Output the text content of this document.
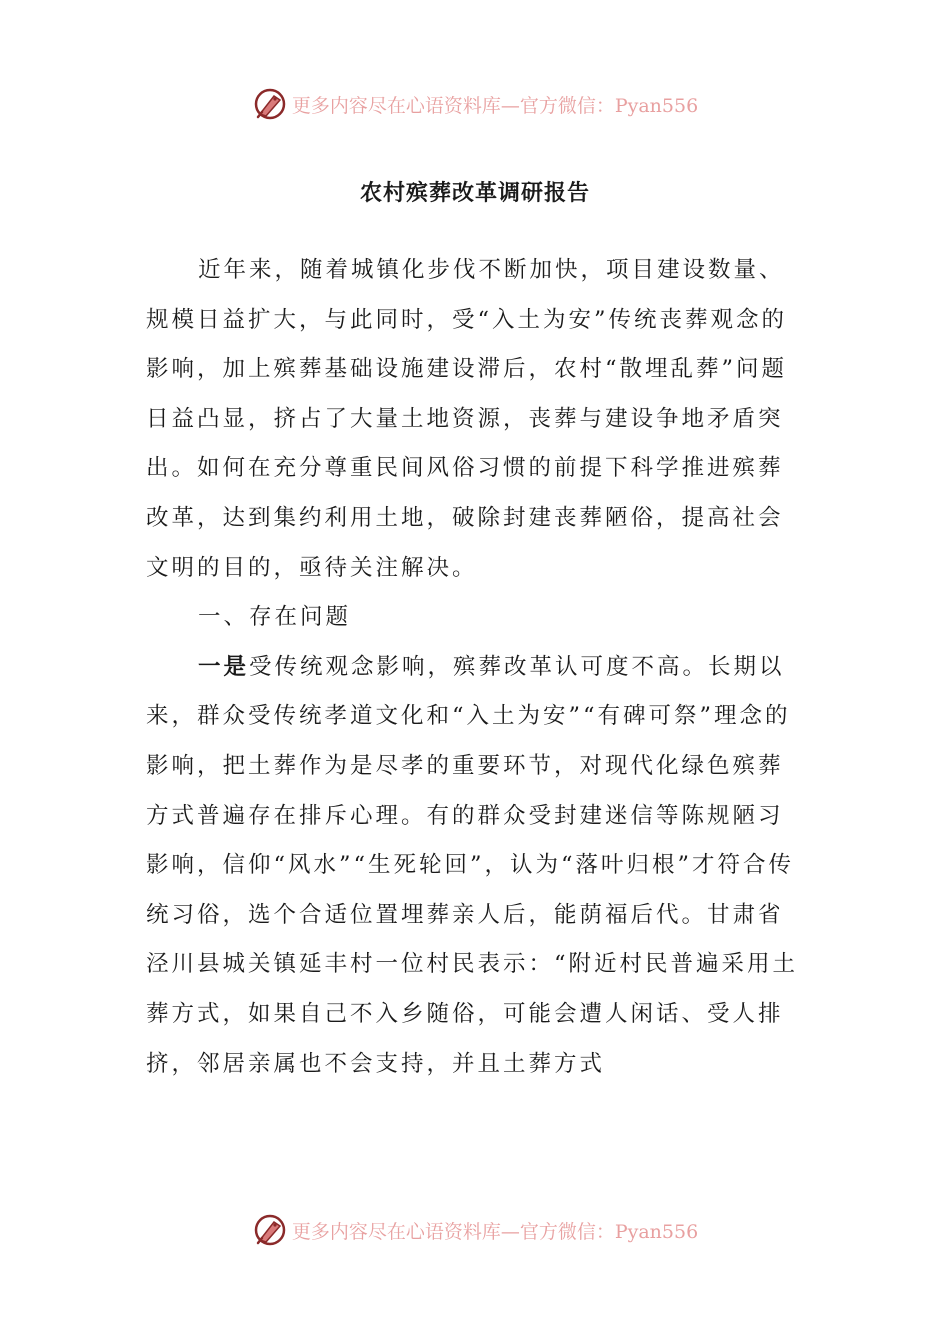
更多内容尽在心语资料库—官方微信：Pyan556
农村殡葬改革调研报告

近年来，随着城镇化步伐不断加快，项目建设数量、规模日益扩大，与此同时，受“入土为安”传统丧葬观念的影响，加上殡葬基础设施建设滞后，农村“散埋乱葬”问题日益凸显，挤占了大量土地资源，丧葬与建设争地矛盾突出。如何在充分尊重民间风俗习惯的前提下科学推进殡葬改革，达到集约利用土地，破除封建丧葬陋俗，提高社会文明的目的，亟待关注解决。

一、存在问题

一是受传统观念影响，殡葬改革认可度不高。长期以来，群众受传统孝道文化和“入土为安”“有碑可祭”理念的影响，把土葬作为是尽孝的重要环节，对现代化绿色殡葬方式普遍存在排斥心理。有的群众受封建迷信等陈规陋习影响，信仰“风水”“生死轮回”，认为“落叶归根”才符合传统习俗，选个合适位置埋葬亲人后，能荫福后代。甘肃省泾川县城关镇延丰村一位村民表示：“附近村民普遍采用土葬方式，如果自己不入乡随俗，可能会遭人闲话、受人排挤，邻居亲属也不会支持，并且土葬方式

更多内容尽在心语资料库—官方微信：Pyan556
